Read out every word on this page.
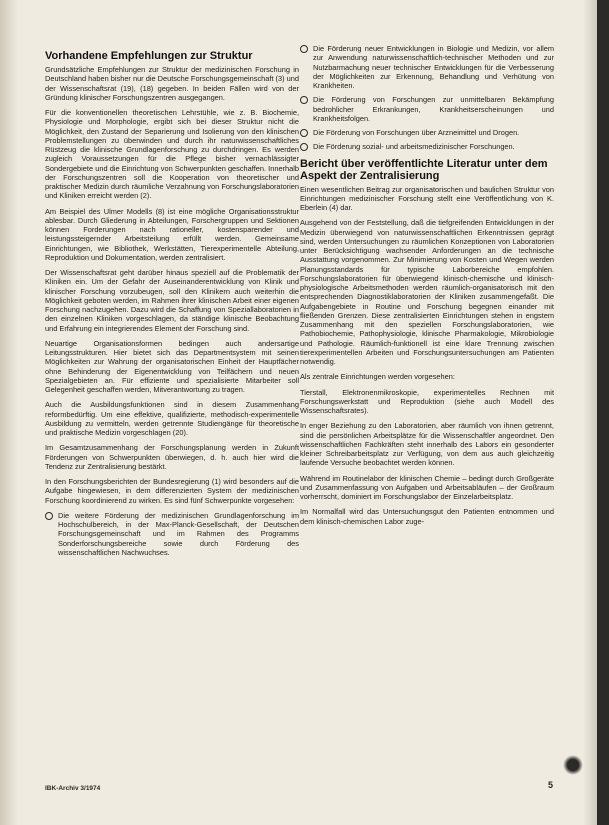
Vorhandene Empfehlungen zur Struktur

Grundsätzliche Empfehlungen zur Struktur der medizinischen Forschung in Deutschland haben bisher nur die Deutsche Forschungsgemeinschaft (3) und der Wissenschaftsrat (19), (18) gegeben. In beiden Fällen wird von der Gründung klinischer Forschungszentren ausgegangen.

Für die konventionellen theoretischen Lehrstühle, wie z. B. Biochemie, Physiologie und Morphologie, ergibt sich bei dieser Struktur nicht die Möglichkeit, den Zustand der Separierung und Isolierung von den klinischen Problemstellungen zu überwinden und durch ihr naturwissenschaftliches Rüstzeug die klinische Grundlagenforschung zu durchdringen. Es werden zugleich Voraussetzungen für die Pflege bisher vernachlässigter Sondergebiete und die Einrichtung von Schwerpunkten geschaffen. Innerhalb der Forschungszentren soll die Kooperation von theoretischer und praktischer Medizin durch räumliche Verzahnung von Forschungslaboratorien und Kliniken erreicht werden (2).

Am Beispiel des Ulmer Modells (8) ist eine mögliche Organisationsstruktur ablesbar. Durch Gliederung in Abteilungen, Forschergruppen und Sektionen können Forderungen nach rationeller, kostensparender und leistungssteigernder Arbeitsteilung erfüllt werden. Gemeinsame Einrichtungen, wie Bibliothek, Werkstätten, Tierexperimentelle Abteilung, Reproduktion und Dokumentation, werden zentralisiert.

Der Wissenschaftsrat geht darüber hinaus speziell auf die Problematik der Kliniken ein. Um der Gefahr der Auseinanderentwicklung von Klinik und klinischer Forschung vorzubeugen, soll den Klinikern auch weiterhin die Möglichkeit geboten werden, im Rahmen ihrer klinischen Arbeit einer eigenen Forschung nachzugehen. Dazu wird die Schaffung von Speziallaboratorien in den einzelnen Kliniken vorgeschlagen, da ständige klinische Beobachtung und Erfahrung ein integrierendes Element der Forschung sind.

Neuartige Organisationsformen bedingen auch andersartige Leitungsstrukturen. Hier bietet sich das Departmentsystem mit seinen Möglichkeiten zur Wahrung der organisatorischen Einheit der Hauptfächer ohne Behinderung der Eigenentwicklung von Teilfächern und neuen Spezialgebieten an. Für effiziente und spezialisierte Mitarbeiter soll Gelegenheit geschaffen werden, Mitverantwortung zu tragen.

Auch die Ausbildungsfunktionen sind in diesem Zusammenhang reformbedürftig. Um eine effektive, qualifizierte, methodisch-experimentelle Ausbildung zu vermitteln, werden getrennte Studiengänge für theoretische und praktische Medizin vorgeschlagen (20).

Im Gesamtzusammenhang der Forschungsplanung werden in Zukunft Förderungen von Schwerpunkten überwiegen, d. h. auch hier wird die Tendenz zur Zentralisierung bestärkt.

In den Forschungsberichten der Bundesregierung (1) wird besonders auf die Aufgabe hingewiesen, in dem differenzierten System der medizinischen Forschung koordinierend zu wirken. Es sind fünf Schwerpunkte vorgesehen:

Die weitere Förderung der medizinischen Grundlagenforschung im Hochschulbereich, in der Max-Planck-Gesellschaft, der Deutschen Forschungsgemeinschaft und im Rahmen des Programms Sonderforschungsbereiche sowie durch Förderung des wissenschaftlichen Nachwuchses.

Die Förderung neuer Entwicklungen in Biologie und Medizin, vor allem zur Anwendung naturwissenschaftlich-technischer Methoden und zur Nutzbarmachung neuer technischer Entwicklungen für die Verbesserung der Möglichkeiten zur Erkennung, Behandlung und Verhütung von Krankheiten.

Die Förderung von Forschungen zur unmittelbaren Bekämpfung bedrohlicher Erkrankungen, Krankheitserscheinungen und Krankheitsfolgen.

Die Förderung von Forschungen über Arzneimittel und Drogen.

Die Förderung sozial- und arbeitsmedizinischer Forschungen.

Bericht über veröffentlichte Literatur unter dem Aspekt der Zentralisierung

Einen wesentlichen Beitrag zur organisatorischen und baulichen Struktur von Einrichtungen medizinischer Forschung stellt eine Veröffentlichung von K. Eberlein (4) dar.

Ausgehend von der Feststellung, daß die tiefgreifenden Entwicklungen in der Medizin überwiegend von naturwissenschaftlichen Erkenntnissen geprägt sind, werden Untersuchungen zu räumlichen Konzeptionen von Laboratorien unter Berücksichtigung wachsender Anforderungen an die technische Ausstattung vorgenommen. Zur Minimierung von Kosten und Wegen werden Planungsstandards für typische Laborbereiche empfohlen. Forschungslaboratorien für überwiegend klinisch-chemische und klinisch-physiologische Arbeitsmethoden werden räumlich-organisatorisch mit den entsprechenden Diagnostiklaboratorien der Kliniken zusammengefaßt. Die Aufgabengebiete in Routine und Forschung begegnen einander mit fließenden Grenzen. Diese zentralisierten Einrichtungen stehen in engstem Zusammenhang mit den speziellen Forschungslaboratorien, wie Pathobiochemie, Pathophysiologie, klinische Pharmakologie, Mikrobiologie und Pathologie. Räumlich-funktionell ist eine klare Trennung zwischen tierexperimentellen Arbeiten und Forschungsuntersuchungen am Patienten notwendig.

Als zentrale Einrichtungen werden vorgesehen:

Tierstall, Elektronenmikroskopie, experimentelles Rechnen mit Forschungswerkstatt und Reproduktion (siehe auch Modell des Wissenschaftsrates).

In enger Beziehung zu den Laboratorien, aber räumlich von ihnen getrennt, sind die persönlichen Arbeitsplätze für die Wissenschaftler angeordnet. Den wissenschaftlichen Fachkräften steht innerhalb des Labors ein gesonderter kleiner Schreibarbeitsplatz zur Verfügung, von dem aus auch gleichzeitig laufende Versuche beobachtet werden können.

Während im Routinelabor der klinischen Chemie – bedingt durch Großgeräte und Zusammenfassung von Aufgaben und Arbeitsabläufen – der Großraum vorherrscht, dominiert im Forschungslabor der Einzelarbeitsplatz.

Im Normalfall wird das Untersuchungsgut den Patienten entnommen und dem klinisch-chemischen Labor zuge-

IBK-Archiv 3/1974	5
